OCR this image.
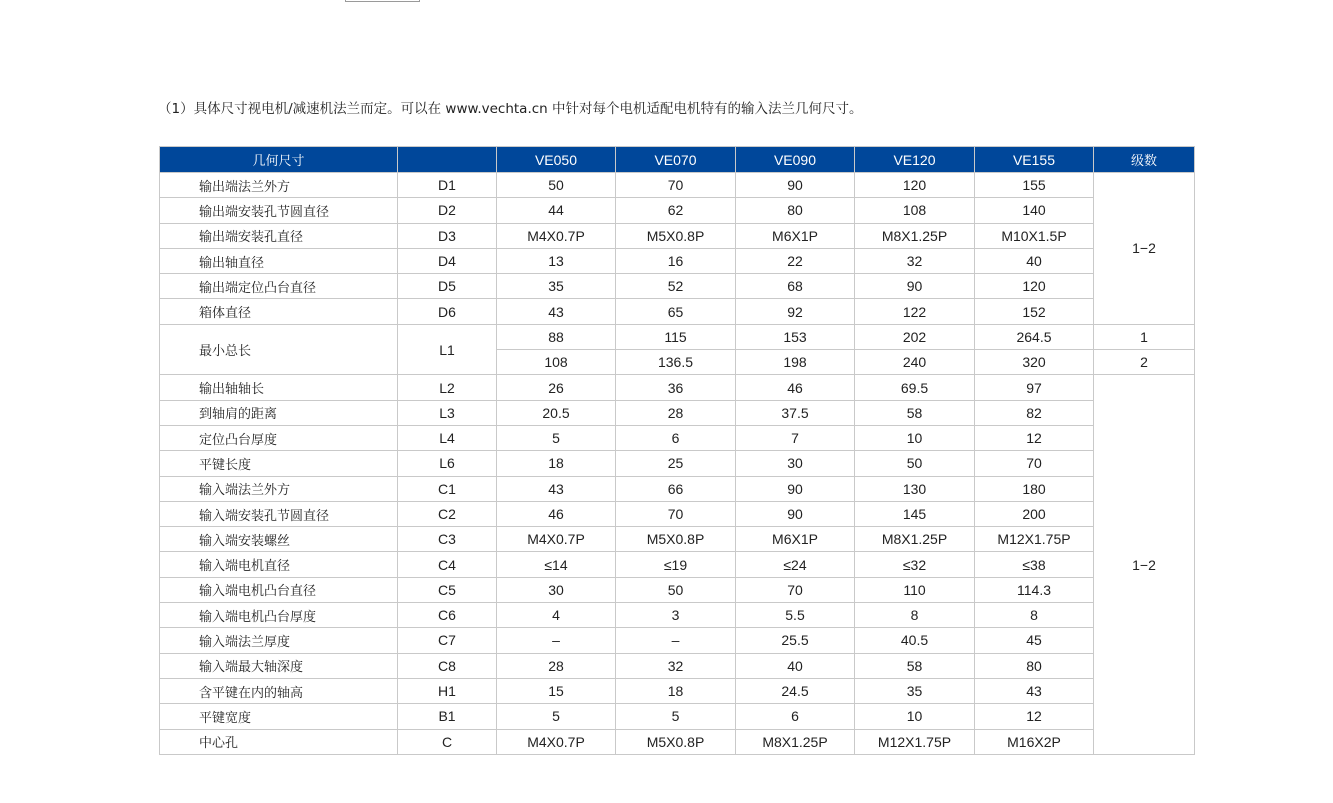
（1）具体尺寸视电机/减速机法兰而定。可以在 www.vechta.cn 中针对每个电机适配电机特有的输入法兰几何尺寸。
几何尺寸		VE050	VE070	VE090	VE120	VE155	级数
输出端法兰外方	D1	50	70	90	120	155	1−2
输出端安装孔节圆直径	D2	44	62	80	108	140	
输出端安装孔直径	D3	M4X0.7P	M5X0.8P	M6X1P	M8X1.25P	M10X1.5P	
输出轴直径	D4	13	16	22	32	40	
输出端定位凸台直径	D5	35	52	68	90	120	
箱体直径	D6	43	65	92	122	152	
最小总长	L1	88	115	153	202	264.5	1
		108	136.5	198	240	320	2
输出轴轴长	L2	26	36	46	69.5	97	1−2
到轴肩的距离	L3	20.5	28	37.5	58	82	
定位凸台厚度	L4	5	6	7	10	12	
平键长度	L6	18	25	30	50	70	
输入端法兰外方	C1	43	66	90	130	180	
输入端安装孔节圆直径	C2	46	70	90	145	200	
输入端安装螺丝	C3	M4X0.7P	M5X0.8P	M6X1P	M8X1.25P	M12X1.75P	
输入端电机直径	C4	≤14	≤19	≤24	≤32	≤38	
输入端电机凸台直径	C5	30	50	70	110	114.3	
输入端电机凸台厚度	C6	4	3	5.5	8	8	
输入端法兰厚度	C7	–	–	25.5	40.5	45	
输入端最大轴深度	C8	28	32	40	58	80	
含平键在内的轴高	H1	15	18	24.5	35	43	
平键宽度	B1	5	5	6	10	12	
中心孔	C	M4X0.7P	M5X0.8P	M8X1.25P	M12X1.75P	M16X2P	
